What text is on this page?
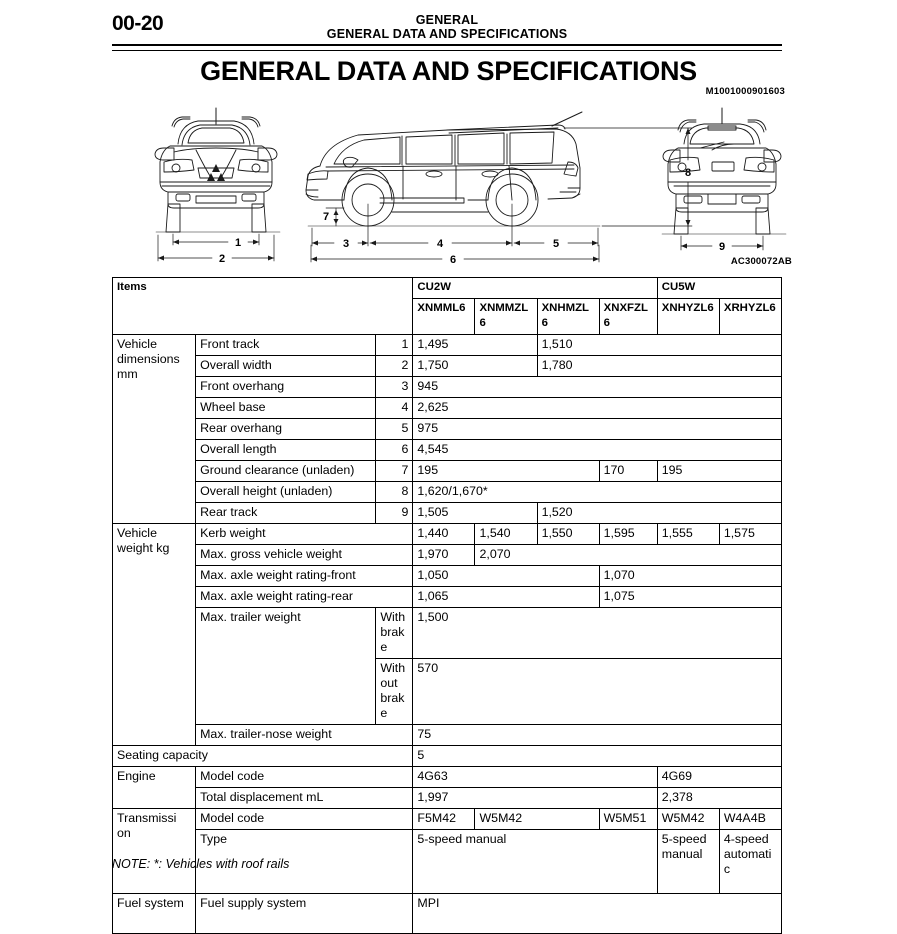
00-20	GENERAL
GENERAL DATA AND SPECIFICATIONS
GENERAL DATA AND SPECIFICATIONS
M1001000901603
1
2
7
8
3	4	5
6
9
AC300072AB
Items			CU2W				CU5W	
			XNMML6	XNMMZL6	XNHMZL6	XNXFZL6	XNHYZL6	XRHYZL6
Vehicle dimensions mm	Front track	1	1,495		1,510			
	Overall width	2	1,750		1,780			
	Front overhang	3	945					
	Wheel base	4	2,625					
	Rear overhang	5	975					
	Overall length	6	4,545					
	Ground clearance (unladen)	7	195			170	195	
	Overall height (unladen)	8	1,620/1,670*					
	Rear track	9	1,505		1,520			
Vehicle weight kg	Kerb weight		1,440	1,540	1,550	1,595	1,555	1,575
	Max. gross vehicle weight		1,970	2,070				
	Max. axle weight rating-front		1,050			1,070		
	Max. axle weight rating-rear		1,065			1,075		
	Max. trailer weight	With brake	1,500					
		Without brake	570					
	Max. trailer-nose weight		75					
Seating capacity			5					
Engine	Model code		4G63				4G69	
	Total displacement mL		1,997				2,378	
Transmissi on	Model code		F5M42	W5M42		W5M51	W5M42	W4A4B
	Type		5-speed manual				5-speed manual	4-speed automatic
Fuel system	Fuel supply system		MPI					
NOTE: *: Vehicles with roof rails
